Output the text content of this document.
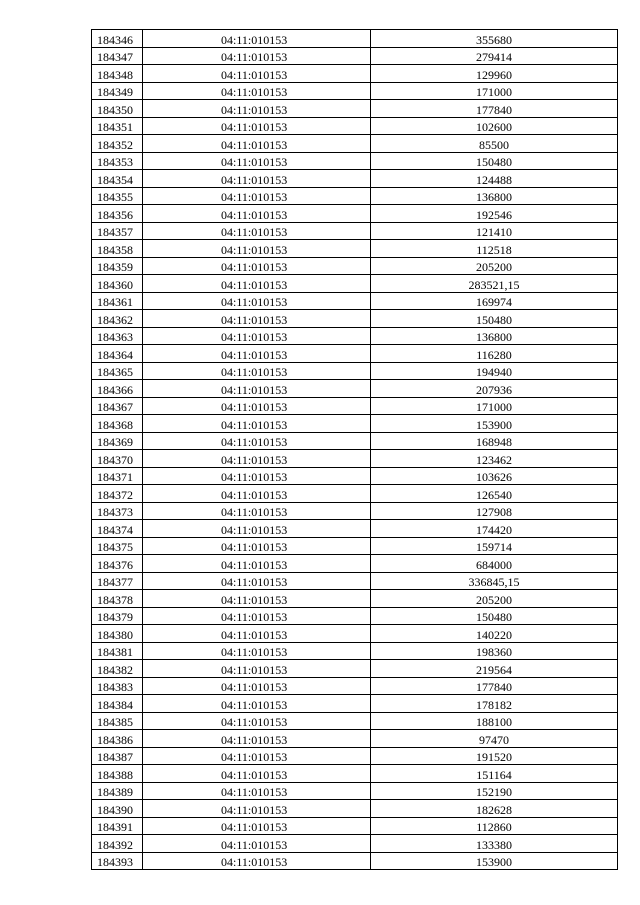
184346	04:11:010153	355680
184347	04:11:010153	279414
184348	04:11:010153	129960
184349	04:11:010153	171000
184350	04:11:010153	177840
184351	04:11:010153	102600
184352	04:11:010153	85500
184353	04:11:010153	150480
184354	04:11:010153	124488
184355	04:11:010153	136800
184356	04:11:010153	192546
184357	04:11:010153	121410
184358	04:11:010153	112518
184359	04:11:010153	205200
184360	04:11:010153	283521,15
184361	04:11:010153	169974
184362	04:11:010153	150480
184363	04:11:010153	136800
184364	04:11:010153	116280
184365	04:11:010153	194940
184366	04:11:010153	207936
184367	04:11:010153	171000
184368	04:11:010153	153900
184369	04:11:010153	168948
184370	04:11:010153	123462
184371	04:11:010153	103626
184372	04:11:010153	126540
184373	04:11:010153	127908
184374	04:11:010153	174420
184375	04:11:010153	159714
184376	04:11:010153	684000
184377	04:11:010153	336845,15
184378	04:11:010153	205200
184379	04:11:010153	150480
184380	04:11:010153	140220
184381	04:11:010153	198360
184382	04:11:010153	219564
184383	04:11:010153	177840
184384	04:11:010153	178182
184385	04:11:010153	188100
184386	04:11:010153	97470
184387	04:11:010153	191520
184388	04:11:010153	151164
184389	04:11:010153	152190
184390	04:11:010153	182628
184391	04:11:010153	112860
184392	04:11:010153	133380
184393	04:11:010153	153900
